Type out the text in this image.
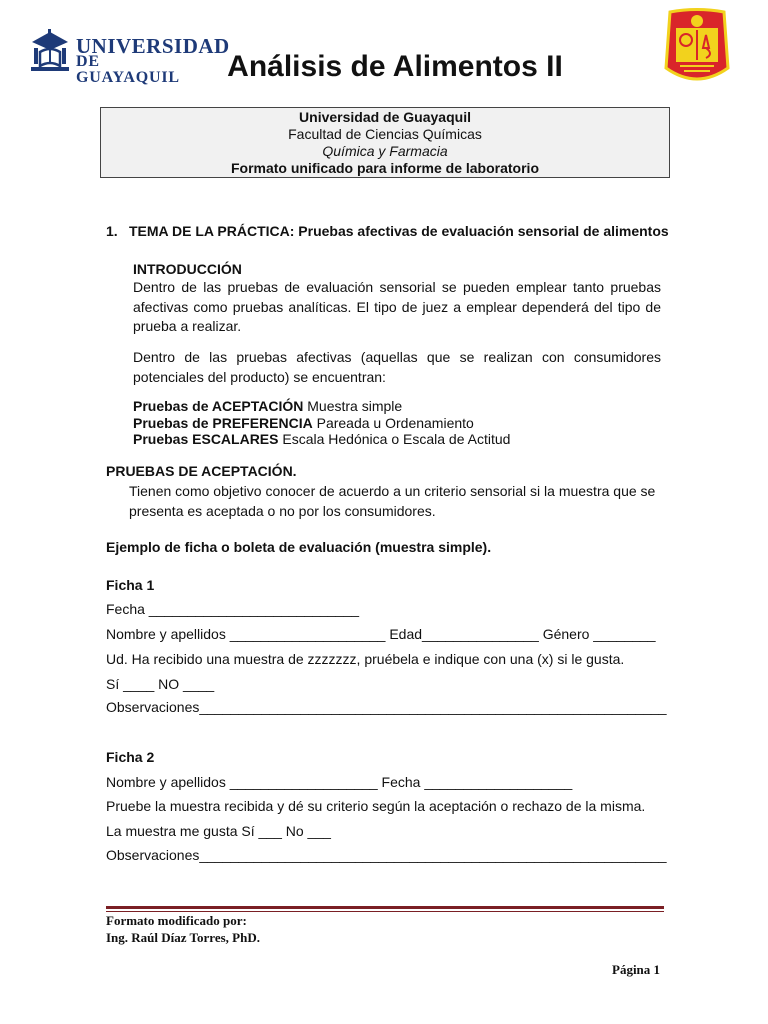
UNIVERSIDAD
DE GUAYAQUIL	Análisis de Alimentos II
Universidad de Guayaquil
Facultad de Ciencias Químicas
Química y Farmacia
Formato unificado para informe de laboratorio
1. TEMA DE LA PRÁCTICA: Pruebas afectivas de evaluación sensorial de alimentos
INTRODUCCIÓN
Dentro de las pruebas de evaluación sensorial se pueden emplear tanto pruebas afectivas como pruebas analíticas. El tipo de juez a emplear dependerá del tipo de prueba a realizar.
Dentro de las pruebas afectivas (aquellas que se realizan con consumidores potenciales del producto) se encuentran:
Pruebas de ACEPTACIÓN Muestra simple
Pruebas de PREFERENCIA Pareada u Ordenamiento
Pruebas ESCALARES Escala Hedónica o Escala de Actitud
PRUEBAS DE ACEPTACIÓN.
Tienen como objetivo conocer de acuerdo a un criterio sensorial si la muestra que se presenta es aceptada o no por los consumidores.
Ejemplo de ficha o boleta de evaluación (muestra simple).
Ficha 1
Fecha ___________________________
Nombre y apellidos ____________________ Edad_______________ Género ________
Ud. Ha recibido una muestra de zzzzzzz, pruébela e indique con una (x) si le gusta.
Sí ____ NO ____
Observaciones____________________________________________________________
Ficha 2
Nombre y apellidos ___________________ Fecha ___________________
Pruebe la muestra recibida y dé su criterio según la aceptación o rechazo de la misma.
La muestra me gusta Sí ___ No ___
Observaciones____________________________________________________________
Formato modificado por:
Ing. Raúl Díaz Torres, PhD.
Página 1
